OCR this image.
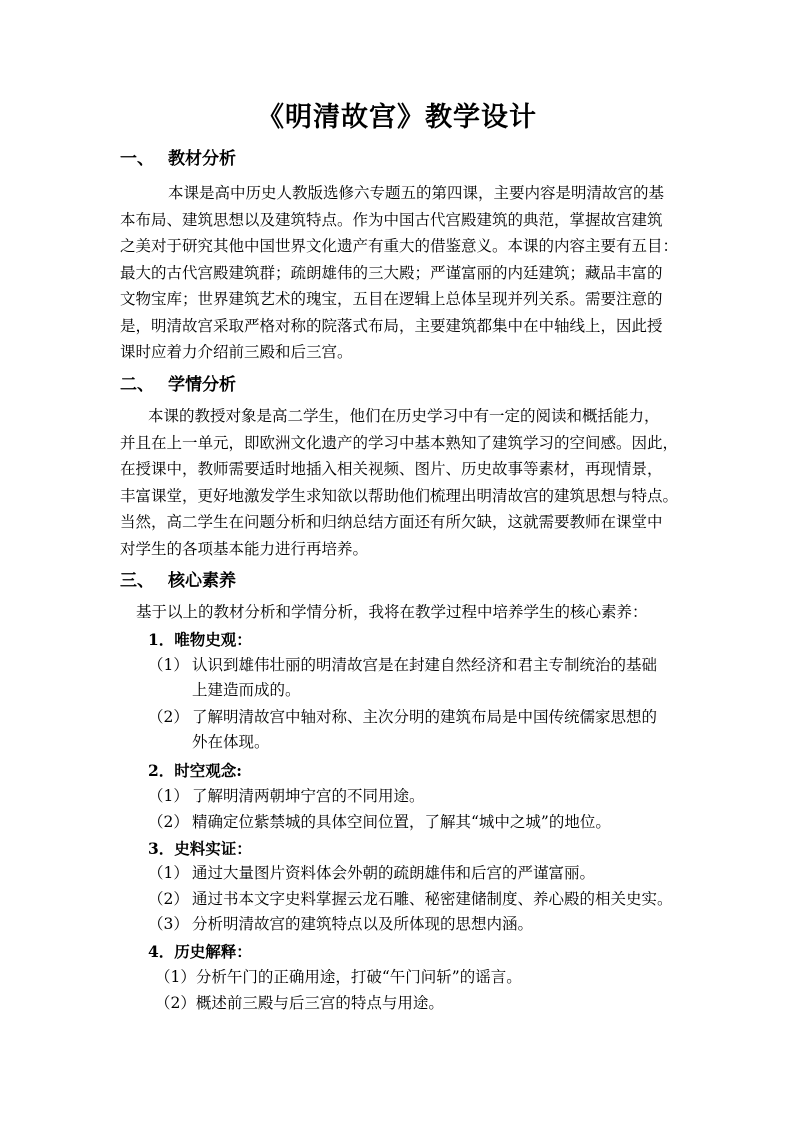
《明清故宫》教学设计
一、 教材分析

本课是高中历史人教版选修六专题五的第四课，主要内容是明清故宫的基

本布局、建筑思想以及建筑特点。作为中国古代宫殿建筑的典范，掌握故宫建筑

之美对于研究其他中国世界文化遗产有重大的借鉴意义。本课的内容主要有五目：

最大的古代宫殿建筑群；疏朗雄伟的三大殿；严谨富丽的内廷建筑；藏品丰富的

文物宝库；世界建筑艺术的瑰宝，五目在逻辑上总体呈现并列关系。需要注意的

是，明清故宫采取严格对称的院落式布局，主要建筑都集中在中轴线上，因此授

课时应着力介绍前三殿和后三宫。

二、 学情分析

本课的教授对象是高二学生，他们在历史学习中有一定的阅读和概括能力，

并且在上一单元，即欧洲文化遗产的学习中基本熟知了建筑学习的空间感。因此，

在授课中，教师需要适时地插入相关视频、图片、历史故事等素材，再现情景，

丰富课堂，更好地激发学生求知欲以帮助他们梳理出明清故宫的建筑思想与特点。

当然，高二学生在问题分析和归纳总结方面还有所欠缺，这就需要教师在课堂中

对学生的各项基本能力进行再培养。

三、 核心素养
基于以上的教材分析和学情分析，我将在教学过程中培养学生的核心素养：
1．唯物史观：
（1） 认识到雄伟壮丽的明清故宫是在封建自然经济和君主专制统治的基础
上建造而成的。
（2） 了解明清故宫中轴对称、主次分明的建筑布局是中国传统儒家思想的
外在体现。
2．时空观念:
（1） 了解明清两朝坤宁宫的不同用途。
（2） 精确定位紫禁城的具体空间位置，了解其“城中之城”的地位。
3．史料实证：
（1） 通过大量图片资料体会外朝的疏朗雄伟和后宫的严谨富丽。
（2） 通过书本文字史料掌握云龙石雕、秘密建储制度、养心殿的相关史实。
（3） 分析明清故宫的建筑特点以及所体现的思想内涵。
4．历史解释：
（1）分析午门的正确用途，打破“午门问斩”的谣言。
（2）概述前三殿与后三宫的特点与用途。
